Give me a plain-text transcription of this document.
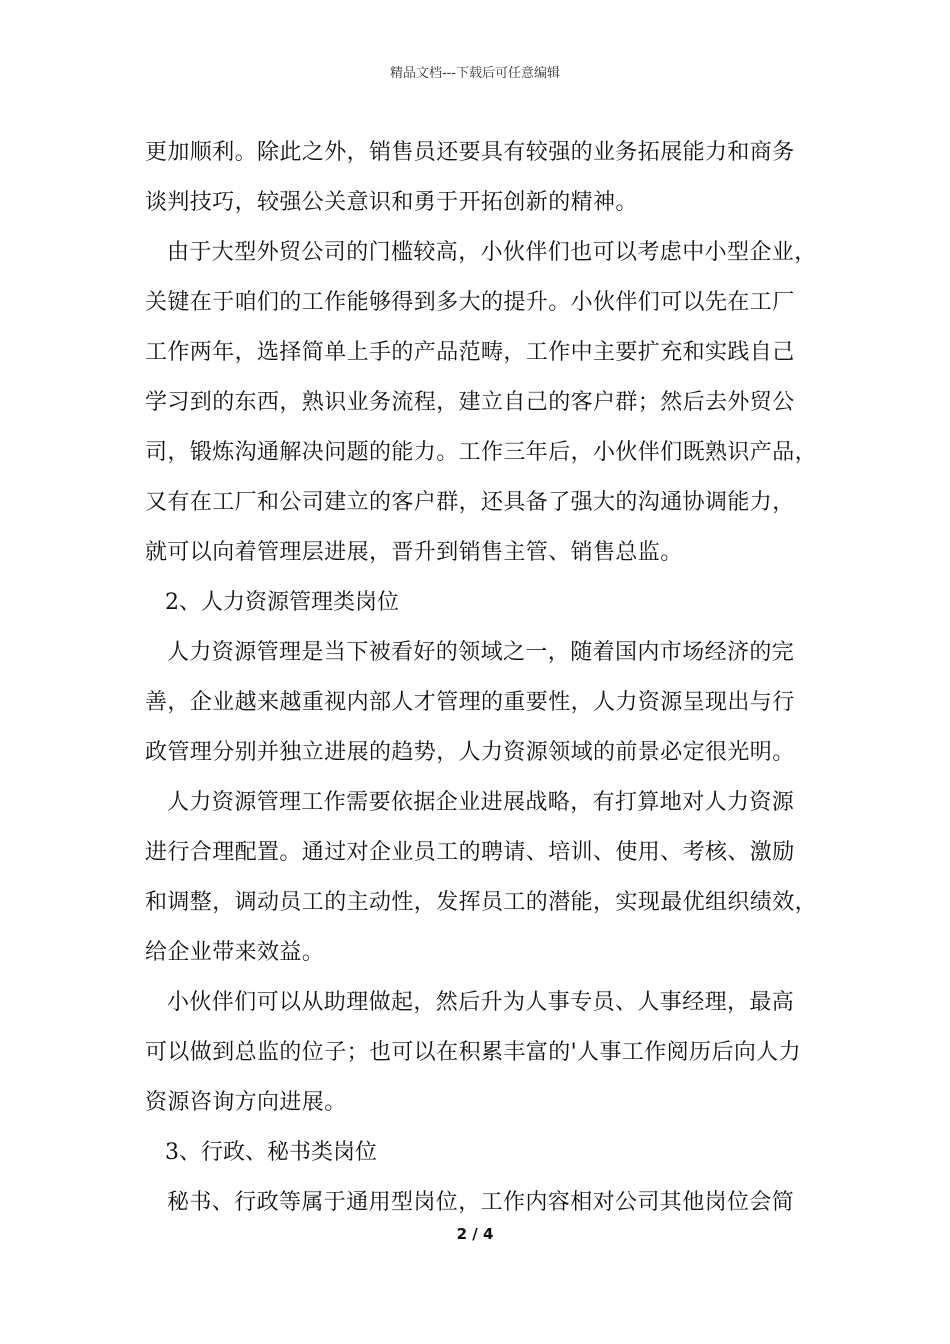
精品文档---下载后可任意编辑

更加顺利。除此之外，销售员还要具有较强的业务拓展能力和商务

谈判技巧，较强公关意识和勇于开拓创新的精神。

由于大型外贸公司的门槛较高，小伙伴们也可以考虑中小型企业，

关键在于咱们的工作能够得到多大的提升。小伙伴们可以先在工厂

工作两年，选择简单上手的产品范畴，工作中主要扩充和实践自己

学习到的东西，熟识业务流程，建立自己的客户群；然后去外贸公

司，锻炼沟通解决问题的能力。工作三年后，小伙伴们既熟识产品，

又有在工厂和公司建立的客户群，还具备了强大的沟通协调能力，

就可以向着管理层进展，晋升到销售主管、销售总监。

2、人力资源管理类岗位

人力资源管理是当下被看好的领域之一，随着国内市场经济的完

善，企业越来越重视内部人才管理的重要性，人力资源呈现出与行

政管理分别并独立进展的趋势，人力资源领域的前景必定很光明。

人力资源管理工作需要依据企业进展战略，有打算地对人力资源

进行合理配置。通过对企业员工的聘请、培训、使用、考核、激励

和调整，调动员工的主动性，发挥员工的潜能，实现最优组织绩效，

给企业带来效益。

小伙伴们可以从助理做起，然后升为人事专员、人事经理，最高

可以做到总监的位子；也可以在积累丰富的'人事工作阅历后向人力

资源咨询方向进展。

3、行政、秘书类岗位

秘书、行政等属于通用型岗位，工作内容相对公司其他岗位会简

2 / 4
